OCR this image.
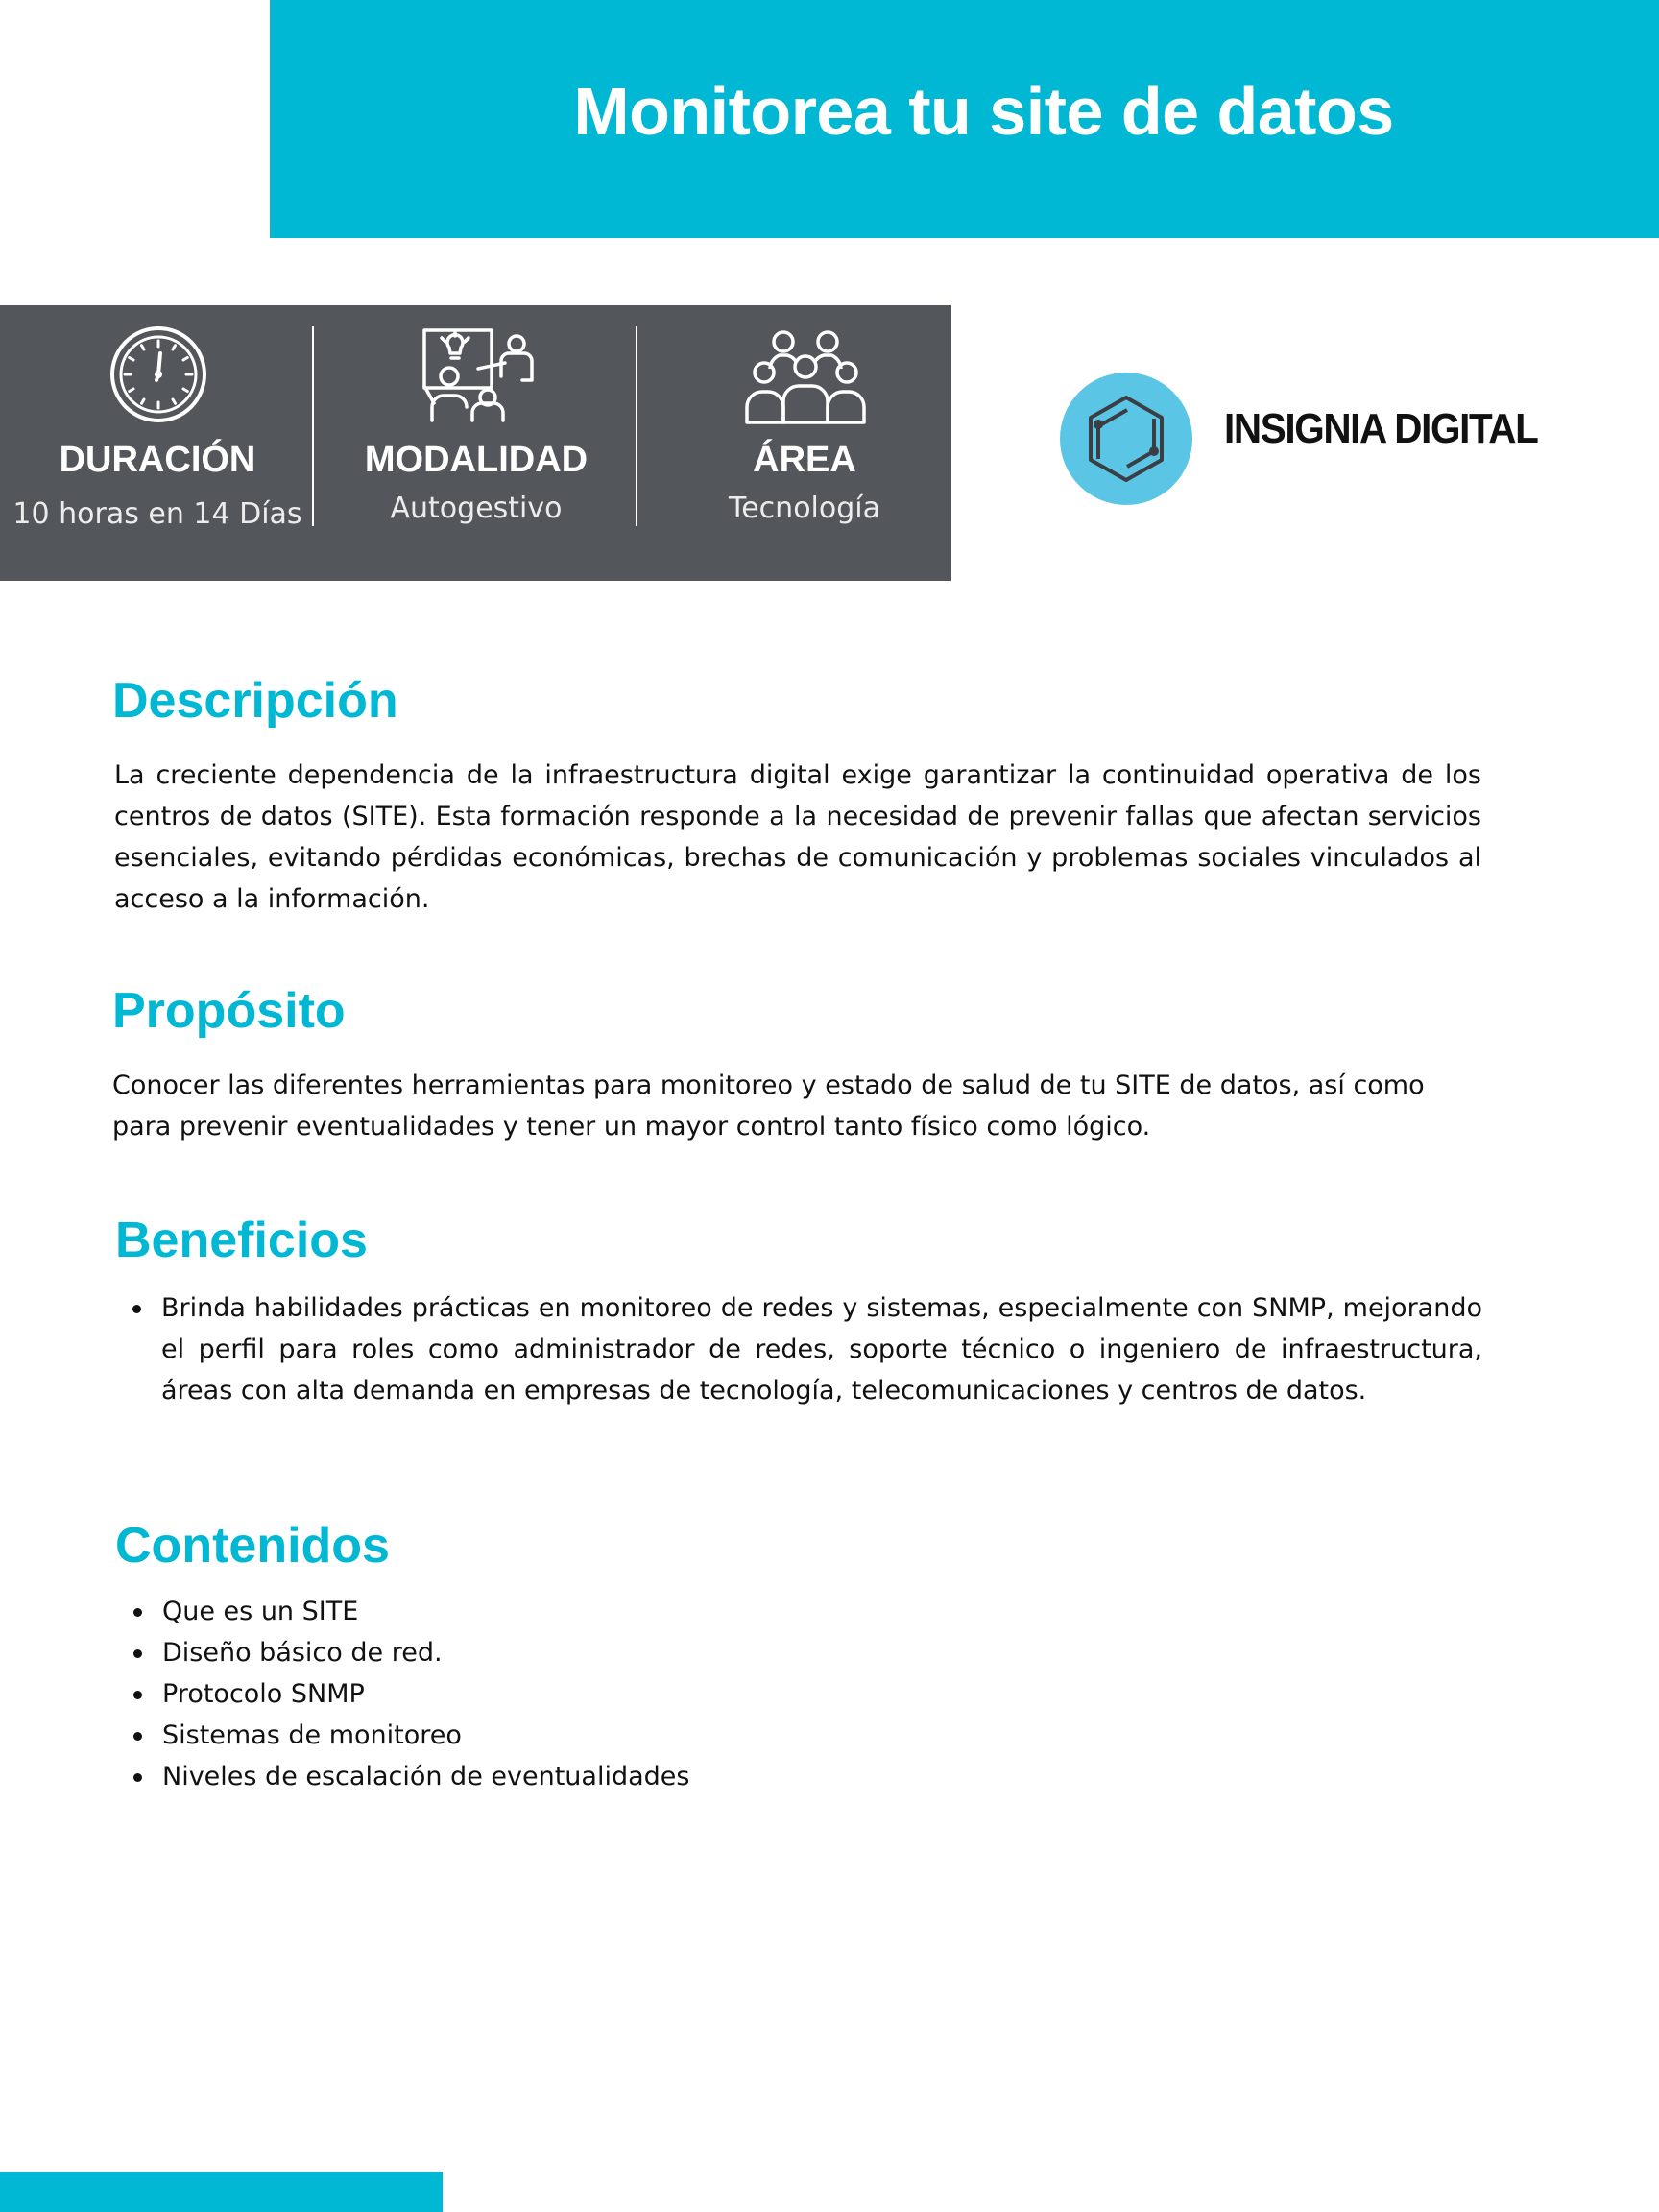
Monitorea tu site de datos
DURACIÓN
10 horas en 14 Días
MODALIDAD
Autogestivo
ÁREA
Tecnología
INSIGNIA DIGITAL
Descripción

La creciente dependencia de la infraestructura digital exige garantizar la continuidad operativa de los centros de datos (SITE). Esta formación responde a la necesidad de prevenir fallas que afectan servicios esenciales, evitando pérdidas económicas, brechas de comunicación y problemas sociales vinculados al acceso a la información.

Propósito

Conocer las diferentes herramientas para monitoreo y estado de salud de tu SITE de datos, así como para prevenir eventualidades y tener un mayor control tanto físico como lógico.

Beneficios
Brinda habilidades prácticas en monitoreo de redes y sistemas, especialmente con SNMP, mejorando el perfil para roles como administrador de redes, soporte técnico o ingeniero de infraestructura, áreas con alta demanda en empresas de tecnología, telecomunicaciones y centros de datos.
Contenidos
Que es un SITE
Diseño básico de red.
Protocolo SNMP
Sistemas de monitoreo
Niveles de escalación de eventualidades
